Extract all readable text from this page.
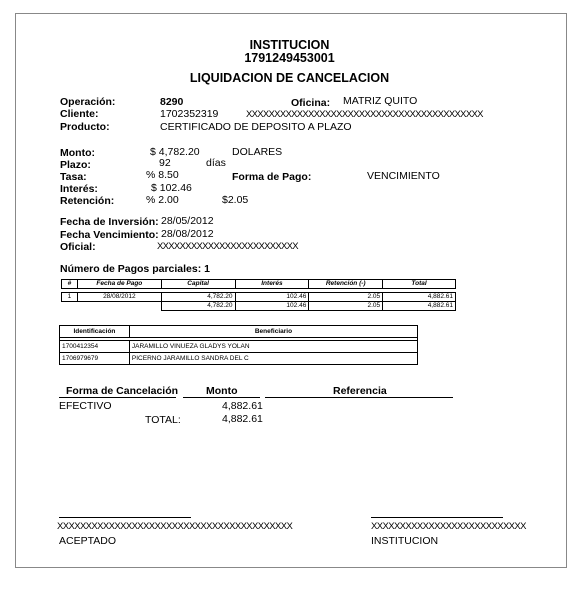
INSTITUCION
1791249453001
LIQUIDACION DE CANCELACION
Operación:	8290	Oficina: MATRIZ QUITO
Cliente:	1702352319	XXXXXXXXXXXXXXXXXXXXXXXXXXXXXXXXXXXXXXXXXX
Producto:	CERTIFICADO DE DEPOSITO A PLAZO
Monto:	$ 4,782.20	DOLARES
Plazo:	92	días
Tasa:	% 8.50	Forma de Pago:	VENCIMIENTO
Interés:	$ 102.46
Retención:	% 2.00	$2.05
Fecha de Inversión: 28/05/2012
Fecha Vencimiento: 28/08/2012
Oficial:	XXXXXXXXXXXXXXXXXXXXXXXXX
Número de Pagos parciales: 1
#	Fecha de Pago	Capital	Interés	Retención (-)	Total

1	28/08/2012	4,782.20	102.46	2.05	4,882.61
		4,782.20	102.46	2.05	4,882.61
Identificación	Beneficiario

1700412354	JARAMILLO VINUEZA GLADYS YOLAN
1706979679	PICERNO JARAMILLO SANDRA DEL C
Forma de Cancelación	Monto	Referencia
EFECTIVO	4,882.61
TOTAL:	4,882.61
XXXXXXXXXXXXXXXXXXXXXXXXXXXXXXXXXXXXXXXXX
ACEPTADO
XXXXXXXXXXXXXXXXXXXXXXXXXXX
INSTITUCION
